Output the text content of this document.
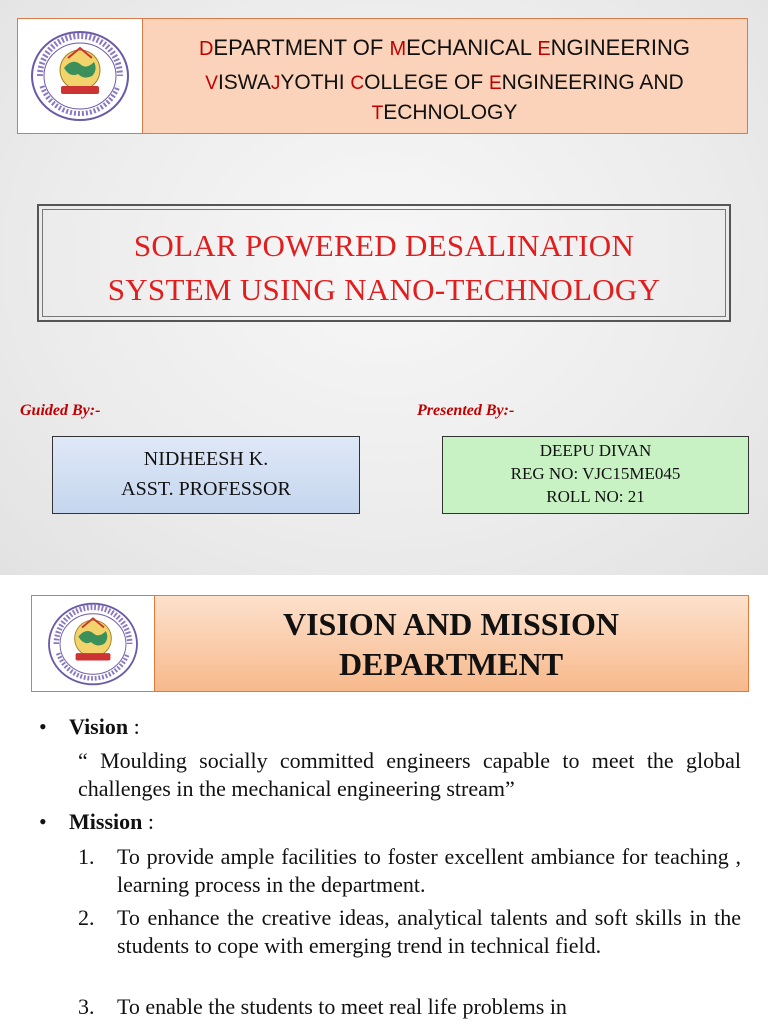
DEPARTMENT OF MECHANICAL ENGINEERING
VISWAJYOTHI COLLEGE OF ENGINEERING AND
TECHNOLOGY
SOLAR POWERED DESALINATION
SYSTEM USING NANO-TECHNOLOGY
Guided By:-	Presented By:-
NIDHEESH K.
ASST. PROFESSOR
DEEPU DIVAN
REG NO: VJC15ME045
ROLL NO: 21
VISION AND MISSION
DEPARTMENT
• Vision :
“ Moulding socially committed engineers capable to meet the global challenges in the mechanical engineering stream”
• Mission :
1.	To provide ample facilities to foster excellent ambiance for teaching , learning process in the department.
2.	To enhance the creative ideas, analytical talents and soft skills in the students to cope with emerging trend in technical field.
3.	To enable the students to meet real life problems in
